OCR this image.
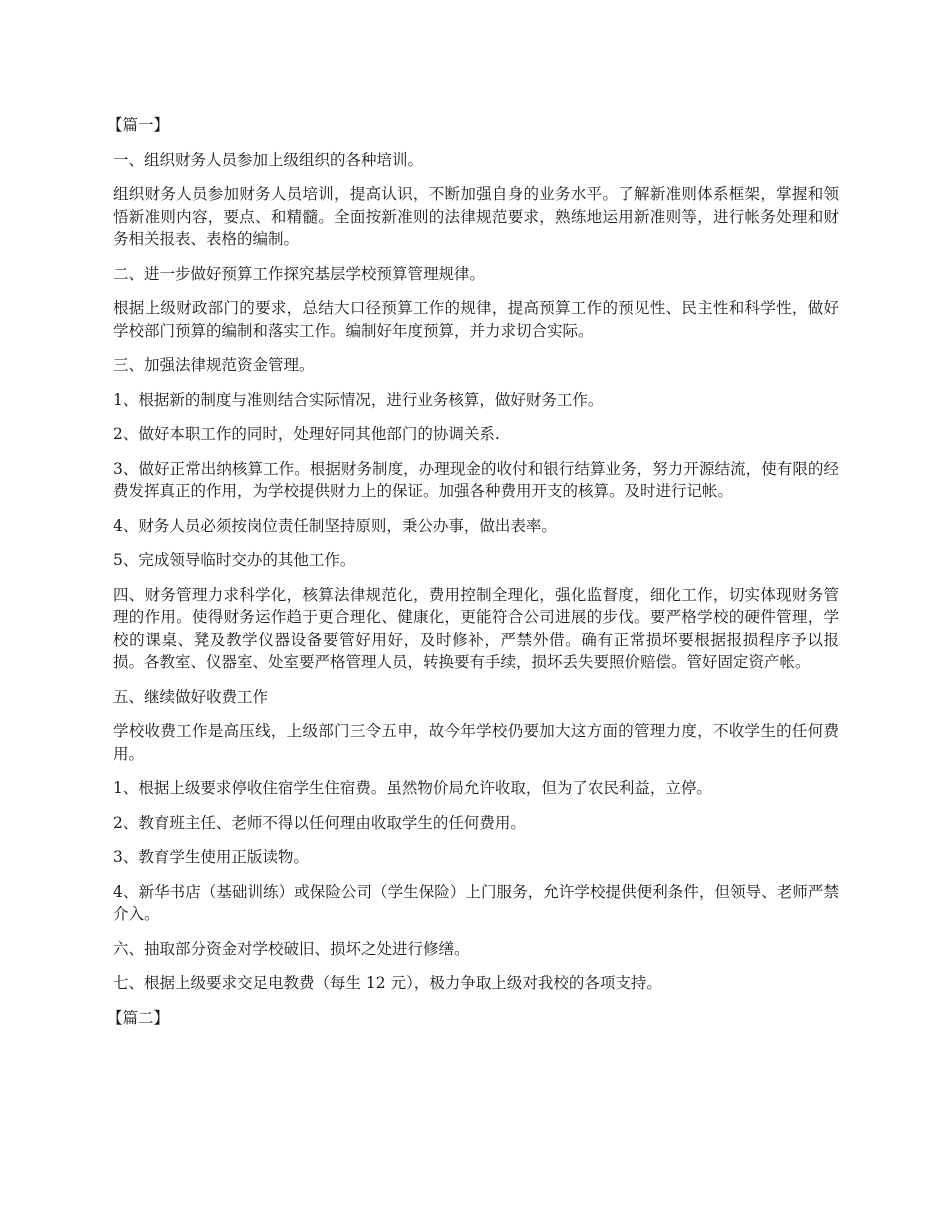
【篇一】

一、组织财务人员参加上级组织的各种培训。

组织财务人员参加财务人员培训，提高认识，不断加强自身的业务水平。了解新准则体系框架，掌握和领悟新准则内容，要点、和精髓。全面按新准则的法律规范要求，熟练地运用新准则等，进行帐务处理和财务相关报表、表格的编制。

二、进一步做好预算工作探究基层学校预算管理规律。

根据上级财政部门的要求，总结大口径预算工作的规律，提高预算工作的预见性、民主性和科学性，做好学校部门预算的编制和落实工作。编制好年度预算，并力求切合实际。

三、加强法律规范资金管理。

1、根据新的制度与准则结合实际情况，进行业务核算，做好财务工作。

2、做好本职工作的同时，处理好同其他部门的协调关系.

3、做好正常出纳核算工作。根据财务制度，办理现金的收付和银行结算业务，努力开源结流，使有限的经费发挥真正的作用，为学校提供财力上的保证。加强各种费用开支的核算。及时进行记帐。

4、财务人员必须按岗位责任制坚持原则，秉公办事，做出表率。

5、完成领导临时交办的其他工作。

四、财务管理力求科学化，核算法律规范化，费用控制全理化，强化监督度，细化工作，切实体现财务管理的作用。使得财务运作趋于更合理化、健康化，更能符合公司进展的步伐。要严格学校的硬件管理，学校的课桌、凳及教学仪器设备要管好用好，及时修补，严禁外借。确有正常损坏要根据报损程序予以报损。各教室、仪器室、处室要严格管理人员，转换要有手续，损坏丢失要照价赔偿。管好固定资产帐。

五、继续做好收费工作

学校收费工作是高压线，上级部门三令五申，故今年学校仍要加大这方面的管理力度，不收学生的任何费用。

1、根据上级要求停收住宿学生住宿费。虽然物价局允许收取，但为了农民利益，立停。

2、教育班主任、老师不得以任何理由收取学生的任何费用。

3、教育学生使用正版读物。

4、新华书店（基础训练）或保险公司（学生保险）上门服务，允许学校提供便利条件，但领导、老师严禁介入。

六、抽取部分资金对学校破旧、损坏之处进行修缮。

七、根据上级要求交足电教费（每生 12 元），极力争取上级对我校的各项支持。

【篇二】
